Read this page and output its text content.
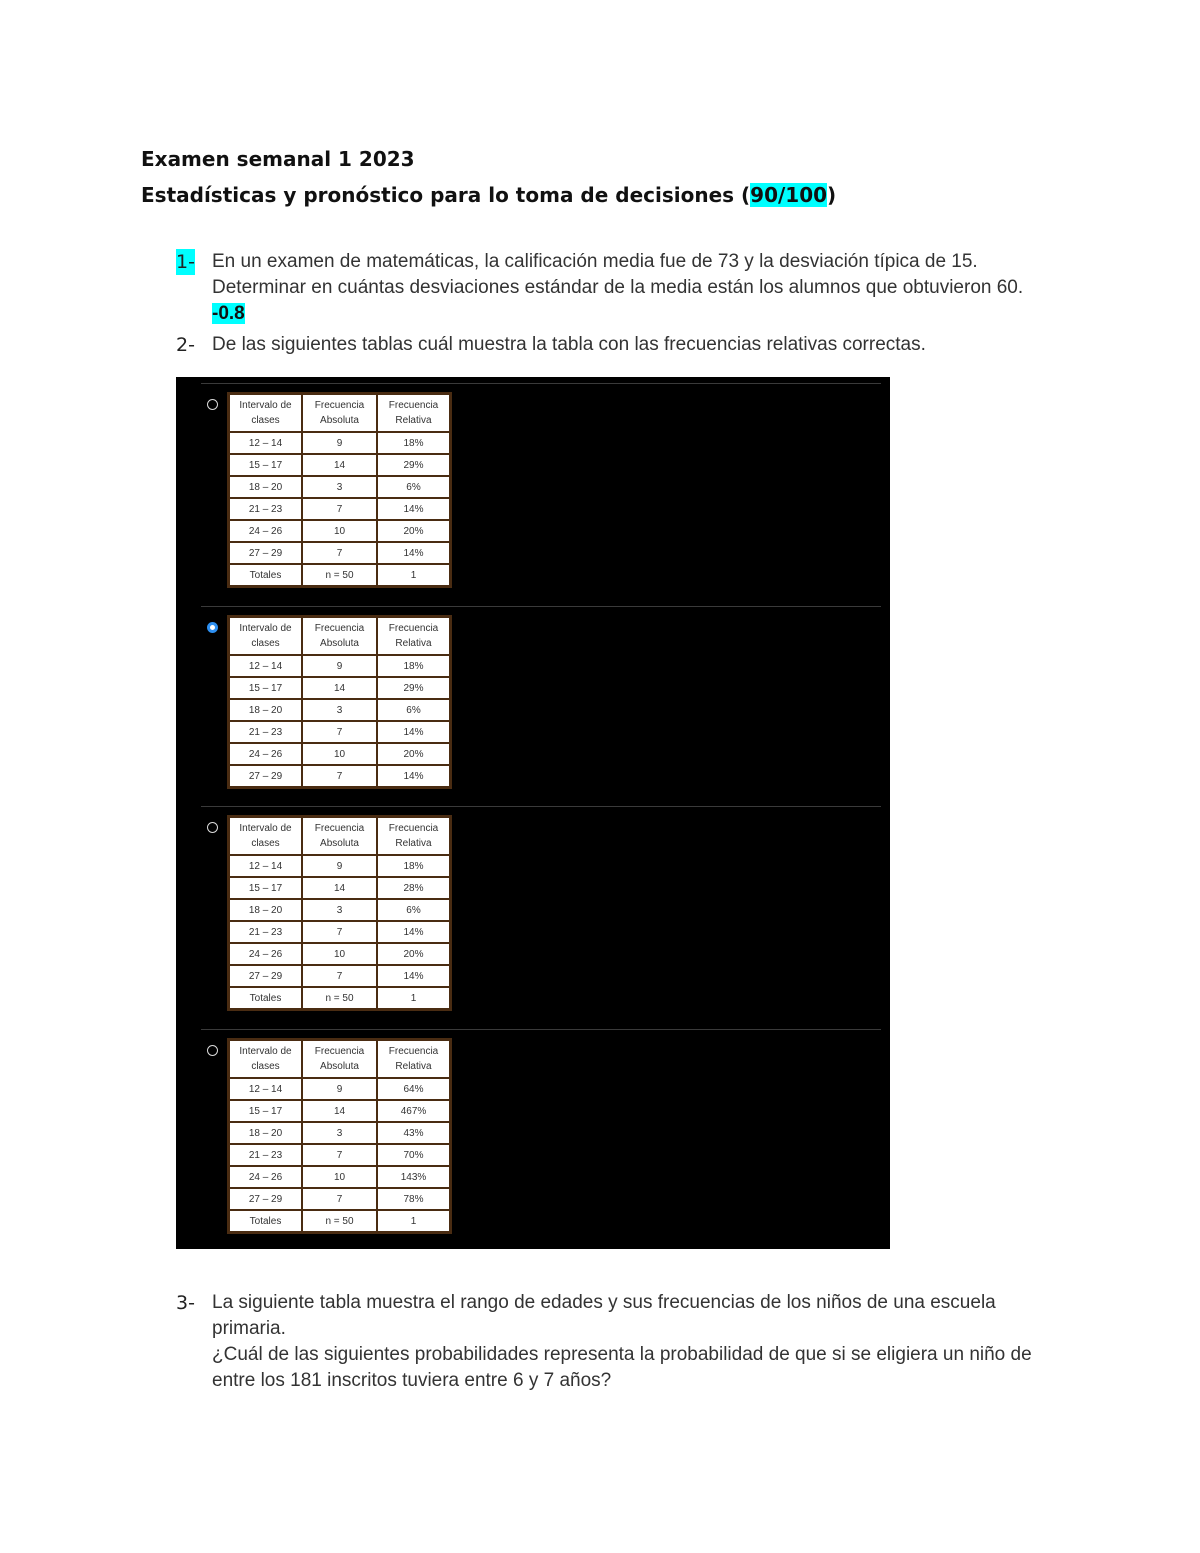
Examen semanal 1 2023
Estadísticas y pronóstico para lo toma de decisiones (90/100)
1- En un examen de matemáticas, la calificación media fue de 73 y la desviación típica de 15. Determinar en cuántas desviaciones estándar de la media están los alumnos que obtuvieron 60. -0.8
2- De las siguientes tablas cuál muestra la tabla con las frecuencias relativas correctas.
Intervalo de clases	Frecuencia Absoluta	Frecuencia Relativa
12 – 14	9	18%
15 – 17	14	29%
18 – 20	3	6%
21 – 23	7	14%
24 – 26	10	20%
27 – 29	7	14%
Totales	n = 50	1
Intervalo de clases	Frecuencia Absoluta	Frecuencia Relativa
12 – 14	9	18%
15 – 17	14	29%
18 – 20	3	6%
21 – 23	7	14%
24 – 26	10	20%
27 – 29	7	14%
Intervalo de clases	Frecuencia Absoluta	Frecuencia Relativa
12 – 14	9	18%
15 – 17	14	28%
18 – 20	3	6%
21 – 23	7	14%
24 – 26	10	20%
27 – 29	7	14%
Totales	n = 50	1
Intervalo de clases	Frecuencia Absoluta	Frecuencia Relativa
12 – 14	9	64%
15 – 17	14	467%
18 – 20	3	43%
21 – 23	7	70%
24 – 26	10	143%
27 – 29	7	78%
Totales	n = 50	1
3- La siguiente tabla muestra el rango de edades y sus frecuencias de los niños de una escuela primaria.
¿Cuál de las siguientes probabilidades representa la probabilidad de que si se eligiera un niño de entre los 181 inscritos tuviera entre 6 y 7 años?
